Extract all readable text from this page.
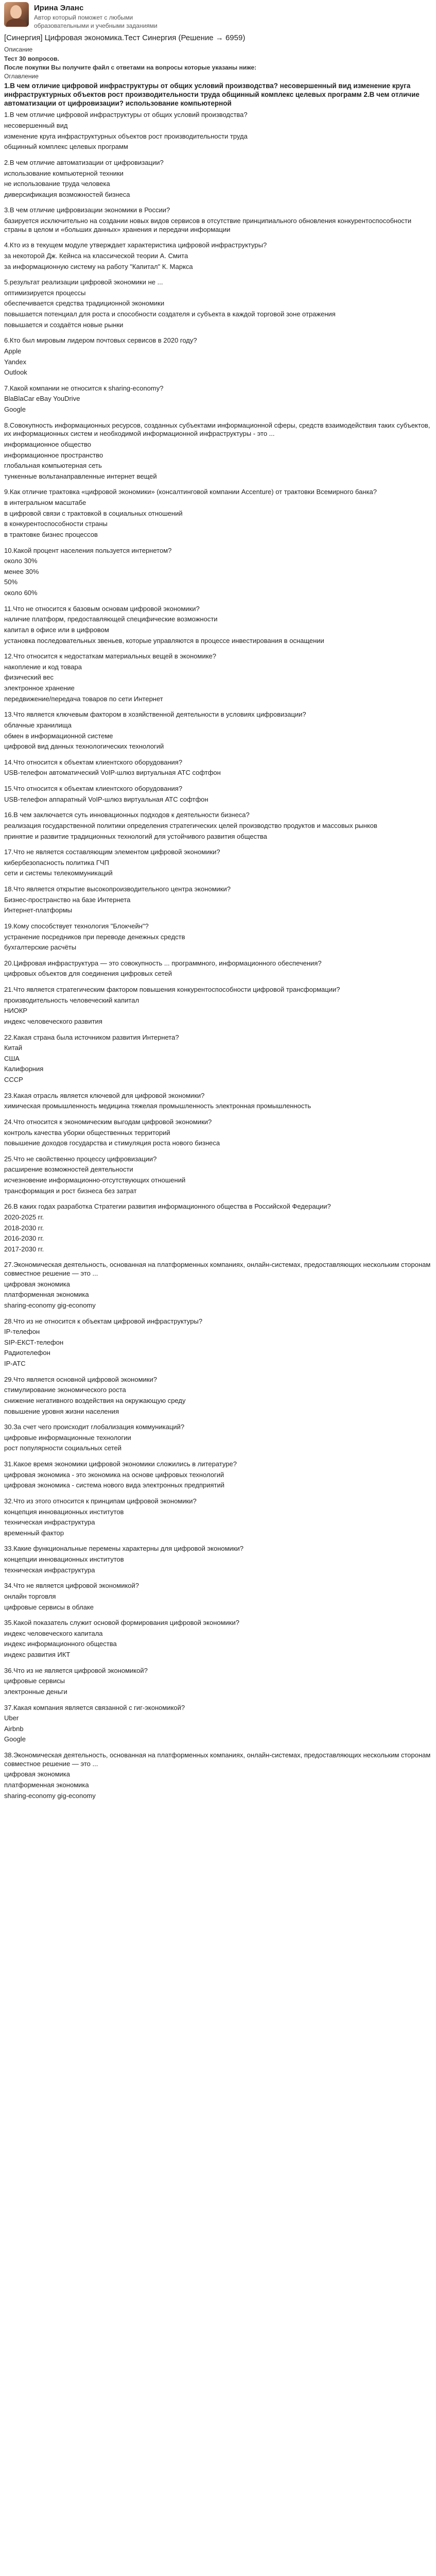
Ирина Эланс
Автор который поможет с любыми образовательными и учебными заданиями
[Синергия] Цифровая экономика.Тест Синергия (Решение → 6959)
Описание
Тест 30 вопросов.
После покупки Вы получите файл с ответами на вопросы которые указаны ниже:
Оглавление
1.В чем отличие цифровой инфраструктуры от общих условий производства? несовершенный вид изменение круга инфраструктурных объектов рост производительности труда общинный комплекс целевых программ 2.В чем отличие автоматизации от цифровизации? использование компьютерной
1.В чем отличие цифровой инфраструктуры от общих условий производства?
несовершенный вид
изменение круга инфраструктурных объектов рост производительности труда
общинный комплекс целевых программ
2.В чем отличие автоматизации от цифровизации?
использование компьютерной техники
не использование труда человека
диверсификация возможностей бизнеса
3.В чем отличие цифровизации экономики в России?
базируется исключительно на создании новых видов сервисов в отсутствие принципиального обновления конкурентоспособности страны в целом и «больших данных» хранения и передачи информации
4.Кто из в текущем модуле утверждает характеристика цифровой инфраструктуры?
за некоторой Дж. Кейнса на классической теории А. Смита
за информационную систему на работу "Капитал" К. Маркса
5.результат реализации цифровой экономики не ...
оптимизируется процессы
обеспечивается средства традиционной экономики
повышается потенциал для роста и способности создателя и субъекта в каждой торговой зоне отражения
повышается и создаётся новые рынки
6.Кто был мировым лидером почтовых сервисов в 2020 году?
Apple
Yandex
Outlook
7.Какой компании не относится к sharing-economy?
BlaBlaCar eBay YouDrive
Google
8.Совокупность информационных ресурсов, созданных субъектами информационной сферы, средств взаимодействия таких субъектов, их информационных систем и необходимой информационной инфраструктуры - это ...
информационное общество
информационное пространство
глобальная компьютерная сеть
тункенные вольтанаправленные интернет вещей
9.Как отличие трактовка «цифровой экономики» (консалтинговой компании Accenture) от трактовки Всемирного банка?
в интегральном масштабе
в цифровой связи с трактовкой в социальных отношений
в конкурентоспособности страны
в трактовке бизнес процессов
10.Какой процент населения пользуется интернетом?
около 30%
менее 30%
50%
около 60%
11.Что не относится к базовым основам цифровой экономики?
наличие платформ, предоставляющей специфические возможности
капитал в офисе или в цифровом
установка последовательных звеньев, которые управляются в процессе инвестирования в оснащении
12.Что относится к недостаткам материальных вещей в экономике?
накопление и код товара
физический вес
электронное хранение
передвижение/передача товаров по сети Интернет
13.Что является ключевым фактором в хозяйственной деятельности в условиях цифровизации?
облачные хранилища
обмен в информационной системе
цифровой вид данных технологических технологий
14.Что относится к объектам клиентского оборудования?
USB-телефон автоматический VoIP-шлюз виртуальная АТС софтфон
15.Что относится к объектам клиентского оборудования?
USB-телефон аппаратный VoIP-шлюз виртуальная АТС софтфон
16.В чем заключается суть инновационных подходов к деятельности бизнеса?
реализация государственной политики определения стратегических целей производство продуктов и массовых рынков
принятие и развитие традиционных технологий для устойчивого развития общества
17.Что не является составляющим элементом цифровой экономики?
кибербезопасность политика ГЧП
сети и системы телекоммуникаций
18.Что является открытие высокопроизводительного центра экономики?
Бизнес-пространство на базе Интернета
Интернет-платформы
19.Кому способствует технология "Блокчейн"?
устранение посредников при переводе денежных средств
бухгалтерские расчёты
20.Цифровая инфраструктура — это совокупность ... программного, информационного обеспечения?
цифровых объектов для соединения цифровых сетей
21.Что является стратегическим фактором повышения конкурентоспособности цифровой трансформации?
производительность человеческий капитал
НИОКР
индекс человеческого развития
22.Какая страна была источником развития Интернета?
Китай
США
Калифорния
СССР
23.Какая отрасль является ключевой для цифровой экономики?
химическая промышленность медицина тяжелая промышленность электронная промышленность
24.Что относится к экономическим выгодам цифровой экономики?
контроль качества уборки общественных территорий
повышение доходов государства и стимуляция роста нового бизнеса
25.Что не свойственно процессу цифровизации?
расширение возможностей деятельности
исчезновение информационно-отсутствующих отношений
трансформация и рост бизнеса без затрат
26.В каких годах разработка Стратегии развития информационного общества в Российской Федерации?
2020-2025 гг.
2018-2030 гг.
2016-2030 гг.
2017-2030 гг.
27.Экономическая деятельность, основанная на платформенных компаниях, онлайн-системах, предоставляющих нескольким сторонам совместное решение — это ...
цифровая экономика
платформенная экономика
sharing-economy gig-economy
28.Что из не относится к объектам цифровой инфраструктуры?
IP-телефон
SIP-ЕКСТ-телефон
Радиотелефон
IP-ATC
29.Что является основной цифровой экономики?
стимулирование экономического роста
снижение негативного воздействия на окружающую среду
повышение уровня жизни населения
30.За счет чего происходит глобализация коммуникаций?
цифровые информационные технологии
рост популярности социальных сетей
31.Какое время экономики цифровой экономики сложились в литературе?
цифровая экономика - это экономика на основе цифровых технологий
цифровая экономика - система нового вида электронных предприятий
32.Что из этого относится к принципам цифровой экономики?
концепция инновационных институтов
техническая инфраструктура
временный фактор
33.Какие функциональные перемены характерны для цифровой экономики?
концепции инновационных институтов
техническая инфраструктура
34.Что не является цифровой экономикой?
онлайн торговля
цифровые сервисы в облаке
35.Какой показатель служит основой формирования цифровой экономики?
индекс человеческого капитала
индекс информационного общества
индекс развития ИКТ
36.Что из не является цифровой экономикой?
цифровые сервисы
электронные деньги
37.Какая компания является связанной с гиг-экономикой?
Uber
Airbnb
Google
38.Экономическая деятельность, основанная на платформенных компаниях, онлайн-системах, предоставляющих нескольким сторонам совместное решение — это ...
цифровая экономика
платформенная экономика
sharing-economy gig-economy
